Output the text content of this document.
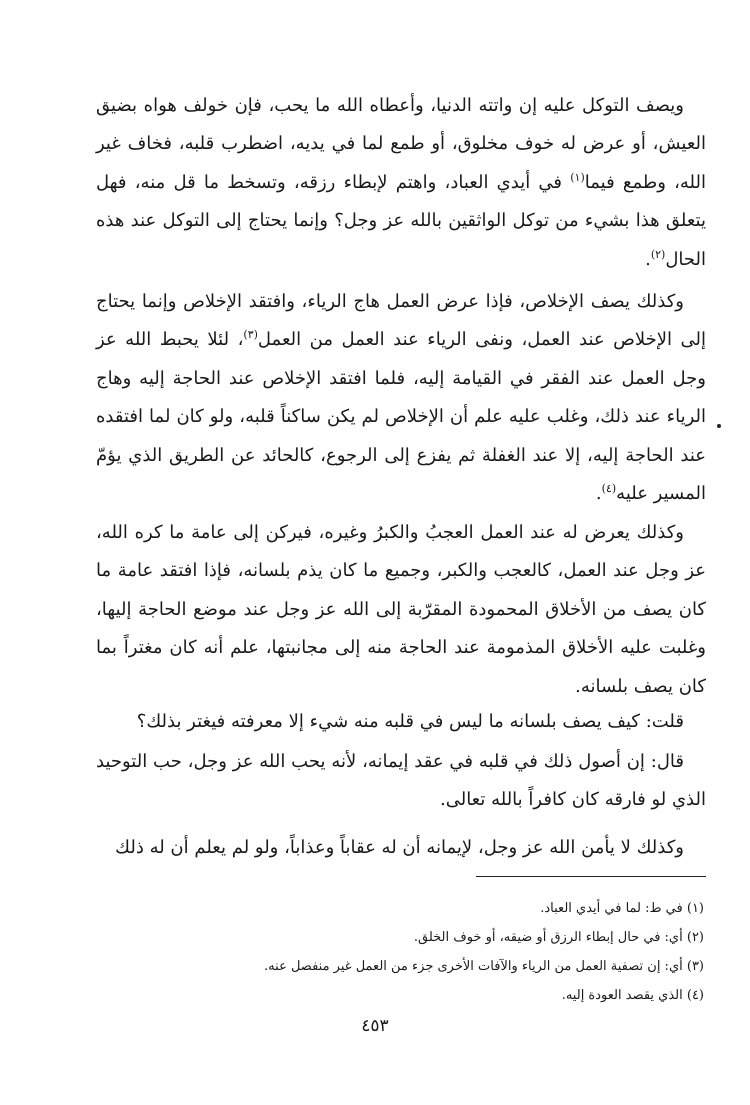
ويصف التوكل عليه إن واتته الدنيا، وأعطاه الله ما يحب، فإن خولف هواه بضيق العيش، أو عرض له خوف مخلوق، أو طمع لما في يديه، اضطرب قلبه، فخاف غير الله، وطمع فيما$^{(١)}$ في أيدي العباد، واهتم لإبطاء رزقه، وتسخط ما قل منه، فهل يتعلق هذا بشيء من توكل الواثقين بالله عز وجل؟ وإنما يحتاج إلى التوكل عند هذه الحال$^{(٢)}$.

وكذلك يصف الإخلاص، فإذا عرض العمل هاج الرياء، وافتقد الإخلاص وإنما يحتاج إلى الإخلاص عند العمل، ونفى الرياء عند العمل من العمل$^{(٣)}$، لئلا يحبط الله عز وجل العمل عند الفقر في القيامة إليه، فلما افتقد الإخلاص عند الحاجة إليه وهاج الرياء عند ذلك، وغلب عليه علم أن الإخلاص لم يكن ساكناً قلبه، ولو كان لما افتقده عند الحاجة إليه، إلا عند الغفلة ثم يفزع إلى الرجوع، كالحائد عن الطريق الذي يؤمّ المسير عليه$^{(٤)}$.

وكذلك يعرض له عند العمل العجبُ والكبرُ وغيره، فيركن إلى عامة ما كره الله، عز وجل عند العمل، كالعجب والكبر، وجميع ما كان يذم بلسانه، فإذا افتقد عامة ما كان يصف من الأخلاق المحمودة المقرّبة إلى الله عز وجل عند موضع الحاجة إليها، وغلبت عليه الأخلاق المذمومة عند الحاجة منه إلى مجانبتها، علم أنه كان مغتراً بما كان يصف بلسانه.

قلت: كيف يصف بلسانه ما ليس في قلبه منه شيء إلا معرفته فيغتر بذلك؟

قال: إن أصول ذلك في قلبه في عقد إيمانه، لأنه يحب الله عز وجل، حب التوحيد الذي لو فارقه كان كافراً بالله تعالى.

وكذلك لا يأمن الله عز وجل، لإيمانه أن له عقاباً وعذاباً، ولو لم يعلم أن له ذلك

(١) في ط: لما في أيدي العباد.

(٢) أي: في حال إبطاء الرزق أو ضيقه، أو خوف الخلق.

(٣) أي: إن تصفية العمل من الرياء والآفات الأخرى جزء من العمل غير منفصل عنه.

(٤) الذي يقصد العودة إليه.

٤٥٣
